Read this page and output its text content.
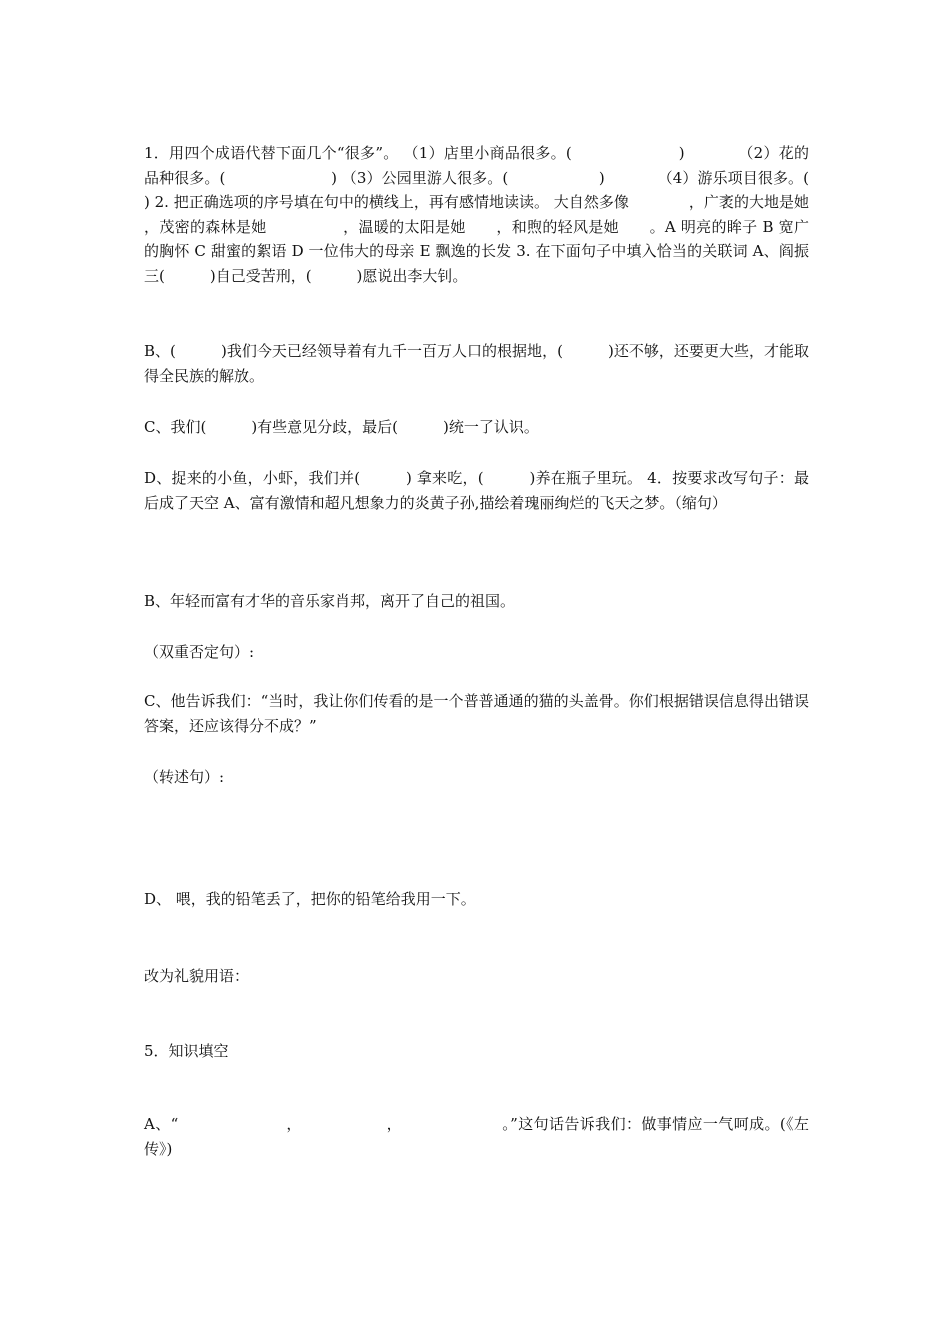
1．用四个成语代替下面几个“很多”。 （1）店里小商品很多。(　　　　　　　)　　　　（2）花的品种很多。(　　　　　　　) （3）公园里游人很多。(　　　　　　)　　　　（4）游乐项目很多。(　　　　　　) 2. 把正确选项的序号填在句中的横线上，再有感情地读读。 大自然多像　　　　，广袤的大地是她　　　，茂密的森林是她　　　　　，温暖的太阳是她　　，和煦的轻风是她　　。A 明亮的眸子 B 宽广的胸怀 C 甜蜜的絮语 D 一位伟大的母亲 E 飘逸的长发 3. 在下面句子中填入恰当的关联词 A、阎振三(　　　)自己受苦刑，(　　　)愿说出李大钊。
B、(　　　)我们今天已经领导着有九千一百万人口的根据地，(　　　)还不够，还要更大些，才能取得全民族的解放。
C、我们(　　　)有些意见分歧，最后(　　　)统一了认识。
D、捉来的小鱼，小虾，我们并(　　　) 拿来吃，(　　　)养在瓶子里玩。 4．按要求改写句子：最后成了天空 A、富有激情和超凡想象力的炎黄子孙,描绘着瑰丽绚烂的飞天之梦。（缩句）
B、年轻而富有才华的音乐家肖邦，离开了自己的祖国。
（双重否定句）:
C、他告诉我们：“当时，我让你们传看的是一个普普通通的猫的头盖骨。你们根据错误信息得出错误答案，还应该得分不成？”
（转述句）:
D、 喂，我的铅笔丢了，把你的铅笔给我用一下。
改为礼貌用语：
5．知识填空
A、“　　　　　　　，　　　　　　，　　　　　　　。”这句话告诉我们：做事情应一气呵成。(《左传》)
